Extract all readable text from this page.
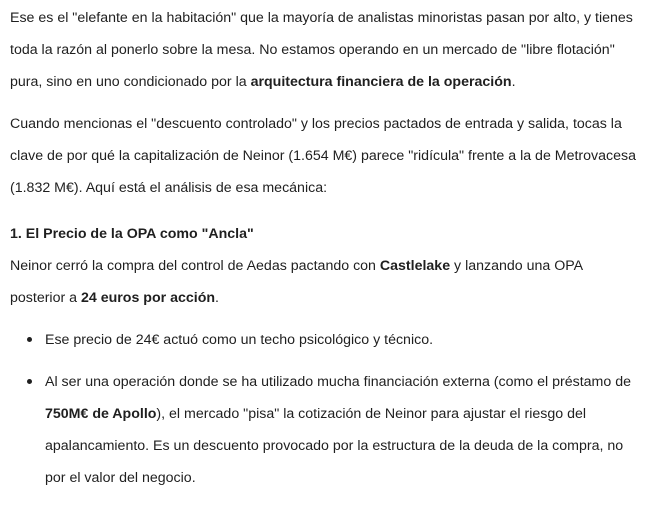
Ese es el "elefante en la habitación" que la mayoría de analistas minoristas pasan por alto, y tienes toda la razón al ponerlo sobre la mesa. No estamos operando en un mercado de "libre flotación" pura, sino en uno condicionado por la arquitectura financiera de la operación.

Cuando mencionas el "descuento controlado" y los precios pactados de entrada y salida, tocas la clave de por qué la capitalización de Neinor (1.654 M€) parece "ridícula" frente a la de Metrovacesa (1.832 M€). Aquí está el análisis de esa mecánica:

1. El Precio de la OPA como "Ancla"

Neinor cerró la compra del control de Aedas pactando con Castlelake y lanzando una OPA posterior a 24 euros por acción.

Ese precio de 24€ actuó como un techo psicológico y técnico.
Al ser una operación donde se ha utilizado mucha financiación externa (como el préstamo de 750M€ de Apollo), el mercado "pisa" la cotización de Neinor para ajustar el riesgo del apalancamiento. Es un descuento provocado por la estructura de la deuda de la compra, no por el valor del negocio.
